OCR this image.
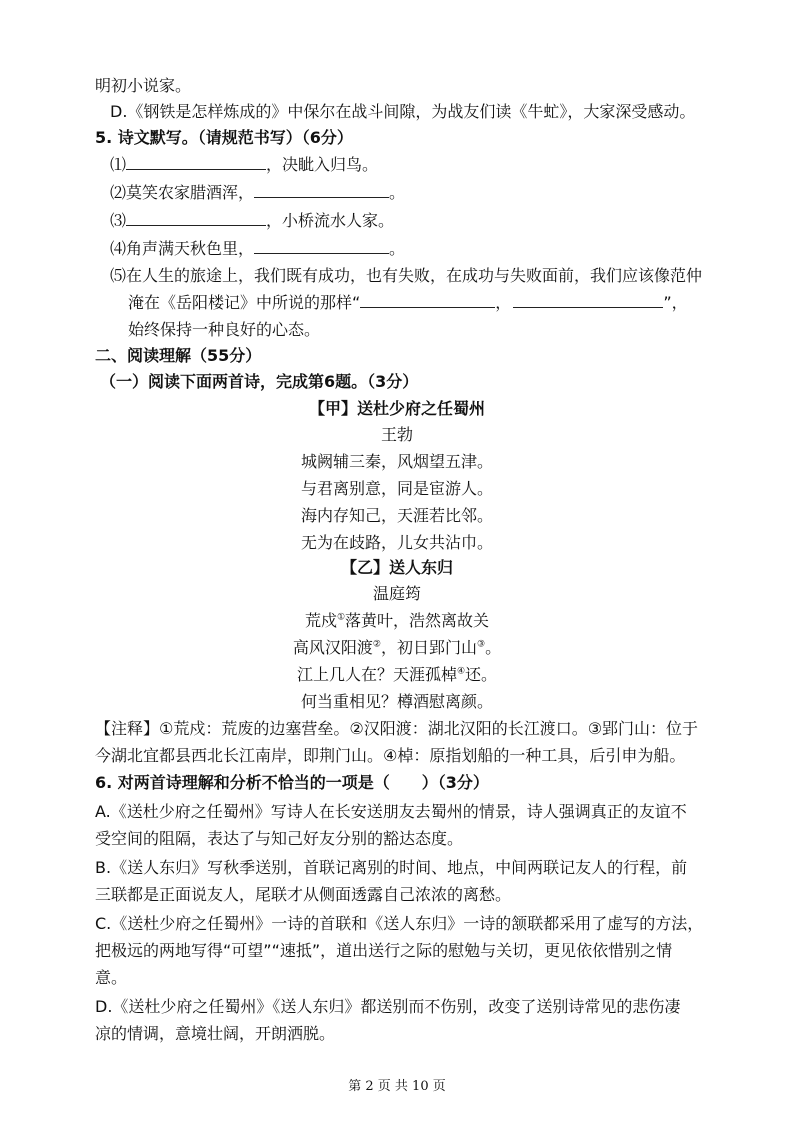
明初小说家。
D.《钢铁是怎样炼成的》中保尔在战斗间隙，为战友们读《牛虻》，大家深受感动。
5. 诗文默写。（请规范书写）（6分）
⑴	，决眦入归鸟。
⑵莫笑农家腊酒浑，	。
⑶	，小桥流水人家。
⑷角声满天秋色里，	。
⑸在人生的旅途上，我们既有成功，也有失败，在成功与失败面前，我们应该像范仲
淹在《岳阳楼记》中所说的那样“	，	”，
始终保持一种良好的心态。
二、阅读理解（55分）
（一）阅读下面两首诗，完成第6题。（3分）
【甲】送杜少府之任蜀州
王勃
城阙辅三秦，风烟望五津。
与君离别意，同是宦游人。
海内存知己，天涯若比邻。
无为在歧路，儿女共沾巾。
【乙】送人东归
温庭筠
荒戍①落黄叶，浩然离故关
高风汉阳渡②，初日郢门山③。
江上几人在？天涯孤棹④还。
何当重相见？樽酒慰离颜。
【注释】①荒戍：荒废的边塞营垒。②汉阳渡：湖北汉阳的长江渡口。③郢门山：位于
今湖北宜都县西北长江南岸，即荆门山。④棹：原指划船的一种工具，后引申为船。
6. 对两首诗理解和分析不恰当的一项是（　　）（3分）
A.《送杜少府之任蜀州》写诗人在长安送朋友去蜀州的情景，诗人强调真正的友谊不
受空间的阻隔，表达了与知己好友分别的豁达态度。
B.《送人东归》写秋季送别，首联记离别的时间、地点，中间两联记友人的行程，前
三联都是正面说友人，尾联才从侧面透露自己浓浓的离愁。
C.《送杜少府之任蜀州》一诗的首联和《送人东归》一诗的颔联都采用了虚写的方法，
把极远的两地写得“可望”“速抵”，道出送行之际的慰勉与关切，更见依依惜别之情
意。
D.《送杜少府之任蜀州》《送人东归》都送别而不伤别，改变了送别诗常见的悲伤凄
凉的情调，意境壮阔，开朗洒脱。
第 2 页 共 10 页
